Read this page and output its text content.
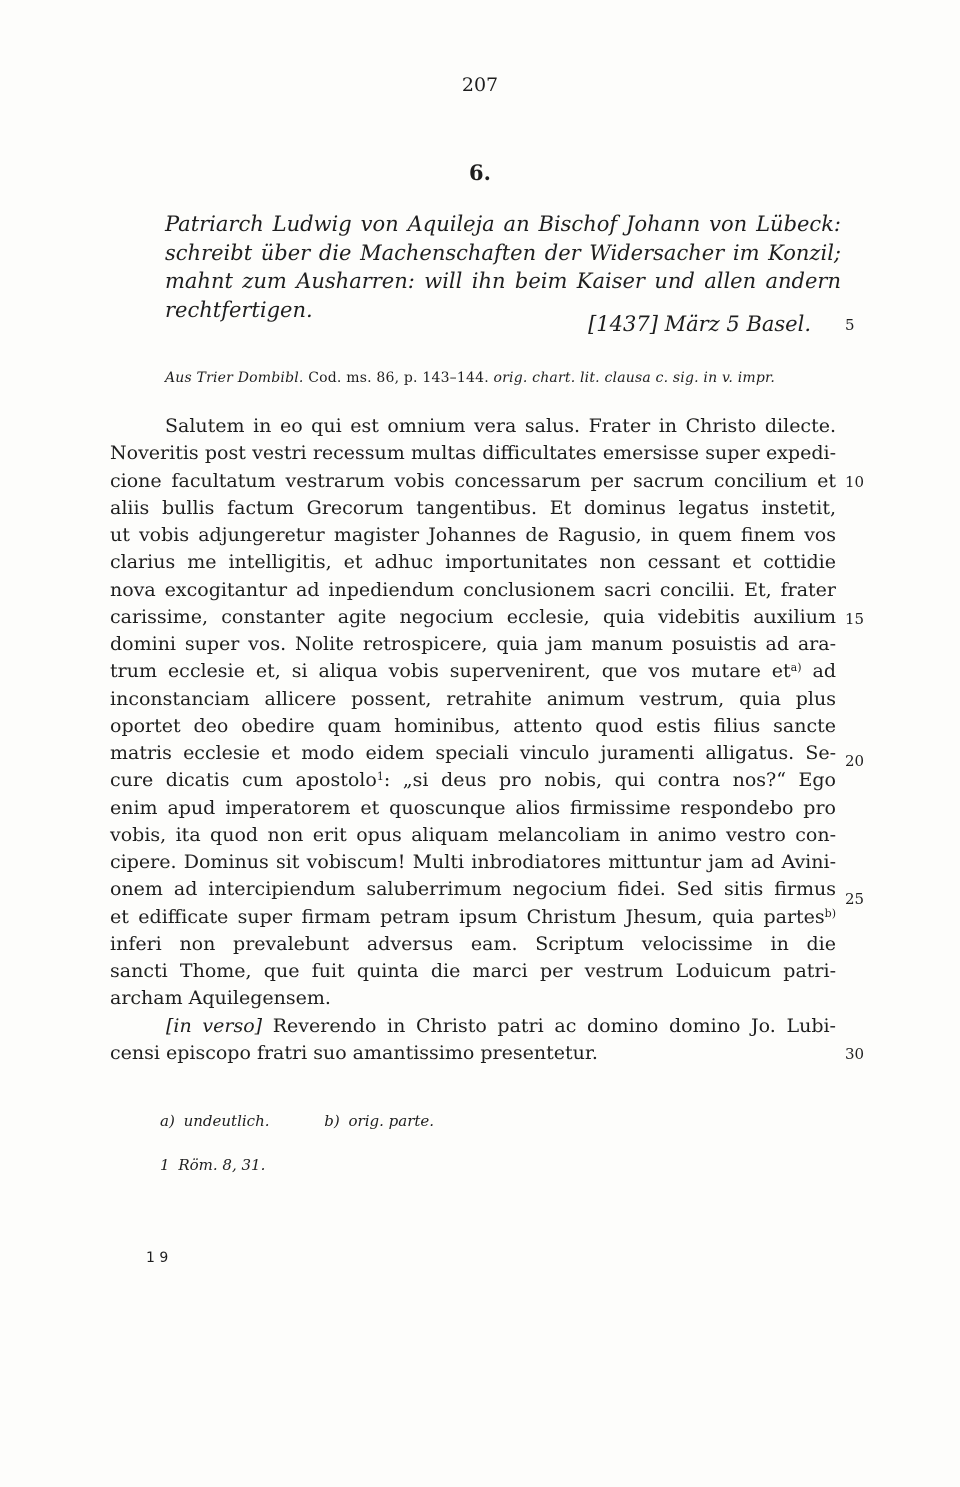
207
6.
Patriarch Ludwig von Aquileja an Bischof Johann von Lübeck:
schreibt über die Machenschaften der Widersacher im Konzil;
mahnt zum Ausharren: will ihn beim Kaiser und allen andern
rechtfertigen.
[1437] März 5 Basel. 5
Aus Trier Dombibl. Cod. ms. 86, p. 143–144. orig. chart. lit. clausa c. sig. in v. impr.
Salutem in eo qui est omnium vera salus. Frater in Christo dilecte.
Noveritis post vestri recessum multas difficultates emersisse super expedi-
cione facultatum vestrarum vobis concessarum per sacrum concilium et
aliis bullis factum Grecorum tangentibus. Et dominus legatus instetit,
ut vobis adjungeretur magister Johannes de Ragusio, in quem finem vos
clarius me intelligitis, et adhuc importunitates non cessant et cottidie
nova excogitantur ad inpediendum conclusionem sacri concilii. Et, frater
carissime, constanter agite negocium ecclesie, quia videbitis auxilium
domini super vos. Nolite retrospicere, quia jam manum posuistis ad ara-
trum ecclesie et, si aliqua vobis supervenirent, que vos mutare $et^{a)}$ ad
inconstanciam allicere possent, retrahite animum vestrum, quia plus
oportet deo obedire quam hominibus, attento quod estis filius sancte
matris ecclesie et modo eidem speciali vinculo juramenti alligatus. Se-
cure dicatis cum apostolo$^1$: „si deus pro nobis, qui contra nos?“ Ego
enim apud imperatorem et quoscunque alios firmissime respondebo pro
vobis, ita quod non erit opus aliquam melancoliam in animo vestro con-
cipere. Dominus sit vobiscum! Multi inbrodiatores mittuntur jam ad Avini-
onem ad intercipiendum saluberrimum negocium fidei. Sed sitis firmus
et edifficate super firmam petram ipsum Christum Jhesum, quia partes$^{b)}$
inferi non prevalebunt adversus eam. Scriptum velocissime in die
sancti Thome, que fuit quinta die marci per vestrum Loduicum patri-
archam Aquilegensem.
[in verso] Reverendo in Christo patri ac domino domino Jo. Lubi-
censi episcopo fratri suo amantissimo presentetur.
10
15
20
25
30
a) undeutlich.	b) orig. parte.
1 Röm. 8, 31.
1 9
